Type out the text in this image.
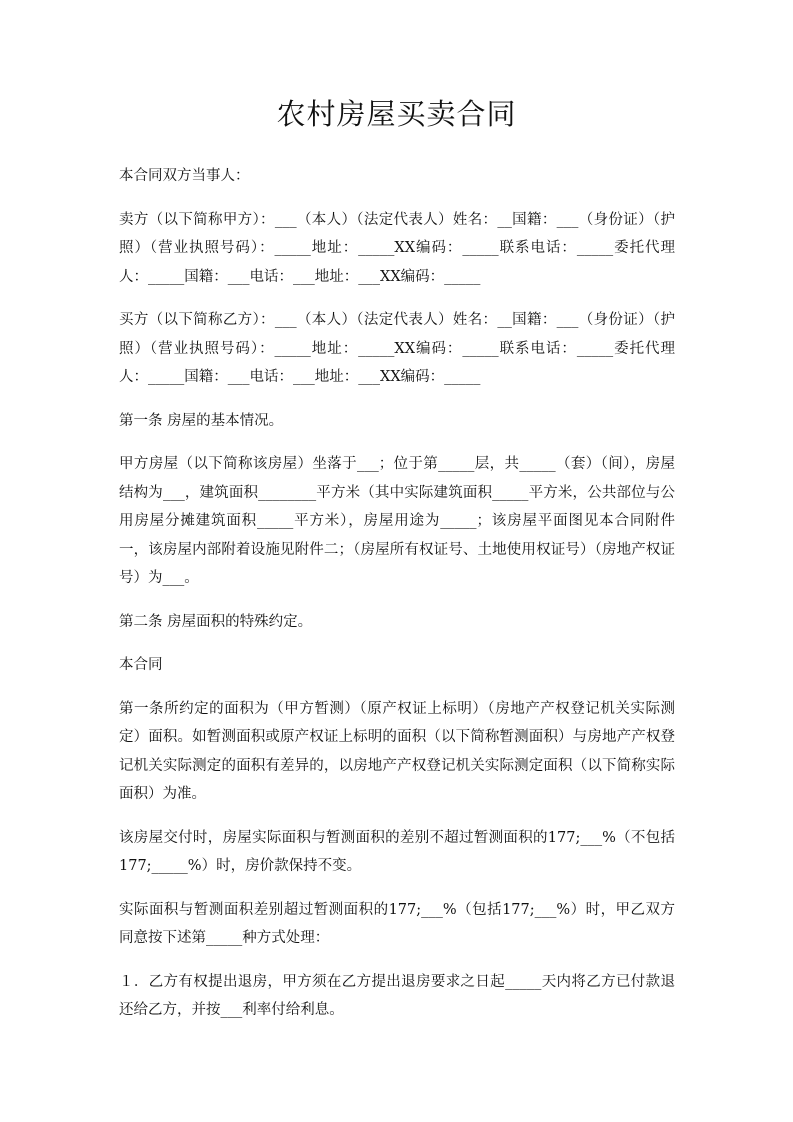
农村房屋买卖合同

本合同双方当事人：

卖方（以下简称甲方）：___（本人）（法定代表人）姓名：__国籍：___（身份证）（护照）（营业执照号码）：_____地址：_____XX编码：_____联系电话：_____委托代理人：_____国籍：___电话：___地址：___XX编码：_____

买方（以下简称乙方）：___（本人）（法定代表人）姓名：__国籍：___（身份证）（护照）（营业执照号码）：_____地址：_____XX编码：_____联系电话：_____委托代理人：_____国籍：___电话：___地址：___XX编码：_____

第一条 房屋的基本情况。

甲方房屋（以下简称该房屋）坐落于___；位于第_____层，共_____（套）（间），房屋结构为___，建筑面积________平方米（其中实际建筑面积_____平方米，公共部位与公用房屋分摊建筑面积_____平方米），房屋用途为_____；该房屋平面图见本合同附件一，该房屋内部附着设施见附件二；（房屋所有权证号、土地使用权证号）（房地产权证号）为___。

第二条 房屋面积的特殊约定。

本合同

第一条所约定的面积为（甲方暂测）（原产权证上标明）（房地产产权登记机关实际测定）面积。如暂测面积或原产权证上标明的面积（以下简称暂测面积）与房地产产权登记机关实际测定的面积有差异的，以房地产产权登记机关实际测定面积（以下简称实际面积）为准。

该房屋交付时，房屋实际面积与暂测面积的差别不超过暂测面积的177;___%（不包括177;_____%）时，房价款保持不变。

实际面积与暂测面积差别超过暂测面积的177;___%（包括177;___%）时，甲乙双方同意按下述第_____种方式处理：

１．乙方有权提出退房，甲方须在乙方提出退房要求之日起_____天内将乙方已付款退还给乙方，并按___利率付给利息。
